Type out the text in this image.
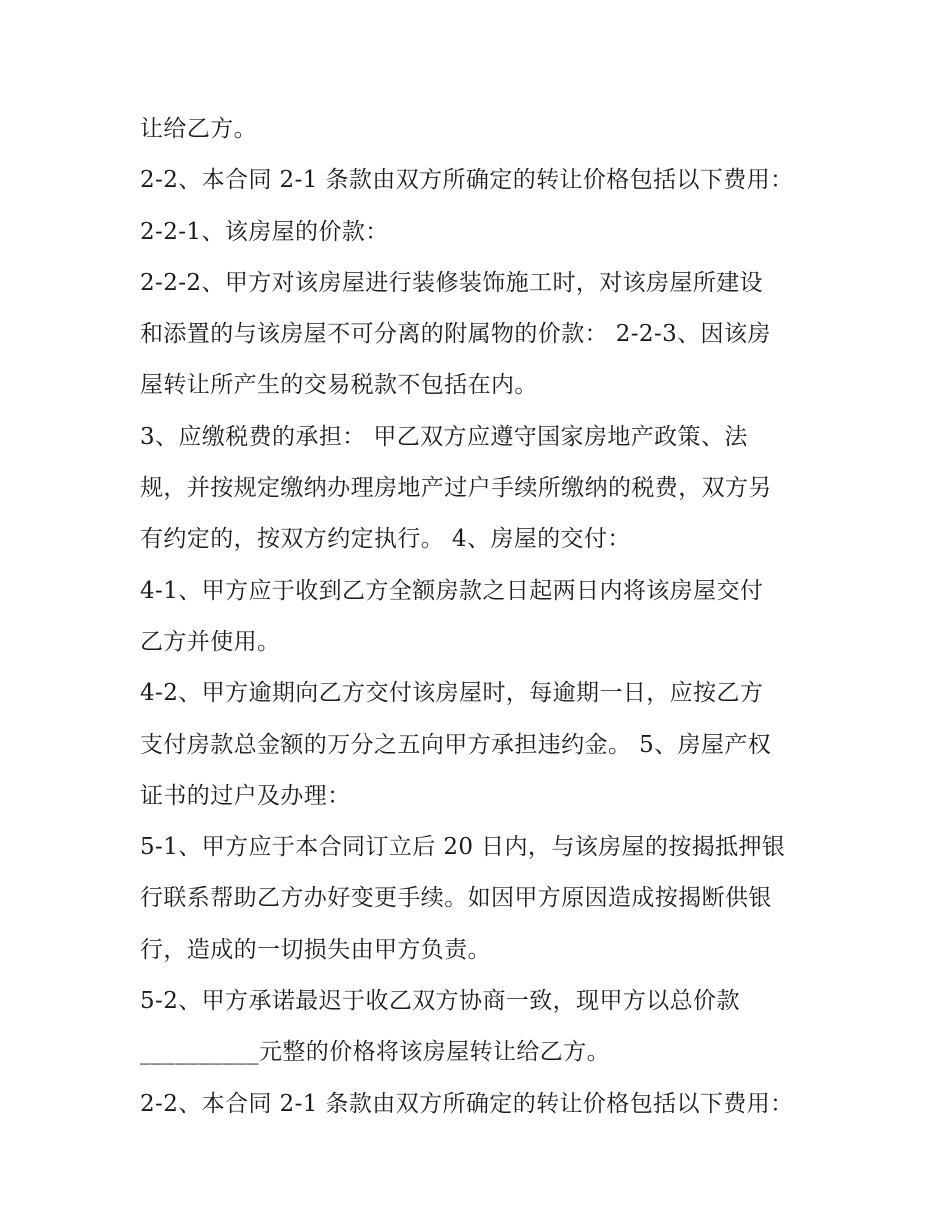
让给乙方。
2-2、本合同 2-1 条款由双方所确定的转让价格包括以下费用：
2-2-1、该房屋的价款：
2-2-2、甲方对该房屋进行装修装饰施工时，对该房屋所建设
和添置的与该房屋不可分离的附属物的价款： 2-2-3、因该房
屋转让所产生的交易税款不包括在内。
3、应缴税费的承担： 甲乙双方应遵守国家房地产政策、法
规，并按规定缴纳办理房地产过户手续所缴纳的税费，双方另
有约定的，按双方约定执行。 4、房屋的交付：
4-1、甲方应于收到乙方全额房款之日起两日内将该房屋交付
乙方并使用。
4-2、甲方逾期向乙方交付该房屋时，每逾期一日，应按乙方
支付房款总金额的万分之五向甲方承担违约金。 5、房屋产权
证书的过户及办理：
5-1、甲方应于本合同订立后 20 日内，与该房屋的按揭抵押银
行联系帮助乙方办好变更手续。如因甲方原因造成按揭断供银
行，造成的一切损失由甲方负责。
5-2、甲方承诺最迟于收乙双方协商一致，现甲方以总价款
__________元整的价格将该房屋转让给乙方。
2-2、本合同 2-1 条款由双方所确定的转让价格包括以下费用：
